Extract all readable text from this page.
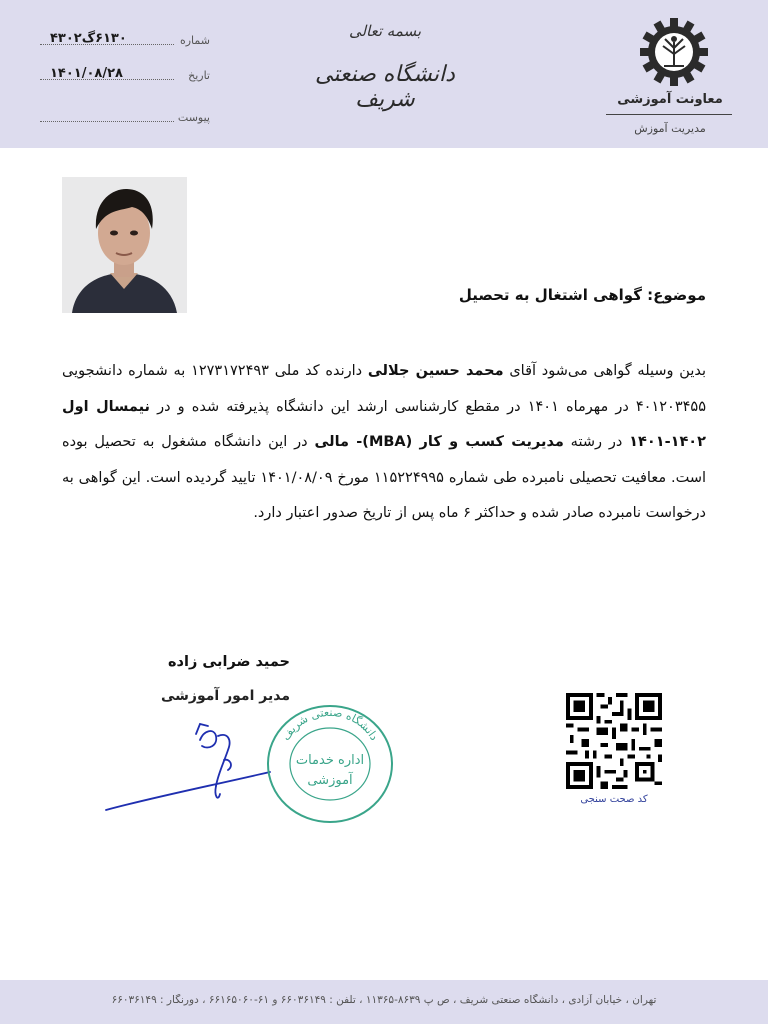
شماره
۶۱۳۰گ۴۳۰۲
تاریخ
۱۴۰۱/۰۸/۲۸
پیوست
بسمه تعالی
دانشگاه صنعتی شریف	معاونت آموزشی
مدیریت آموزش
موضوع: گواهی اشتغال به تحصیل
بدین وسیله گواهی می‌شود آقای محمد حسین جلالی دارنده کد ملی ۱۲۷۳۱۷۲۴۹۳ به شماره دانشجویی ۴۰۱۲۰۳۴۵۵ در مهرماه ۱۴۰۱ در مقطع کارشناسی ارشد این دانشگاه پذیرفته شده و در نیمسال اول ۱۴۰۲-۱۴۰۱ در رشته مدیریت کسب و کار (MBA)- مالی در این دانشگاه مشغول به تحصیل بوده است. معافیت تحصیلی نامبرده طی شماره ۱۱۵۲۲۴۹۹۵ مورخ ۱۴۰۱/۰۸/۰۹ تایید گردیده است. این گواهی به درخواست نامبرده صادر شده و حداکثر ۶ ماه پس از تاریخ صدور اعتبار دارد.
حمید ضرابی زاده
مدیر امور آموزشی
دانشگاه صنعتی شریف
اداره خدمات
آموزشی
کد صحت سنجی
تهران ، خیابان آزادی ، دانشگاه صنعتی شریف ، ص پ ۸۶۳۹-۱۱۳۶۵ ، تلفن : ۶۶۰۳۶۱۴۹ و ۶۱-۶۶۱۶۵۰۶۰ ، دورنگار : ۶۶۰۳۶۱۴۹
